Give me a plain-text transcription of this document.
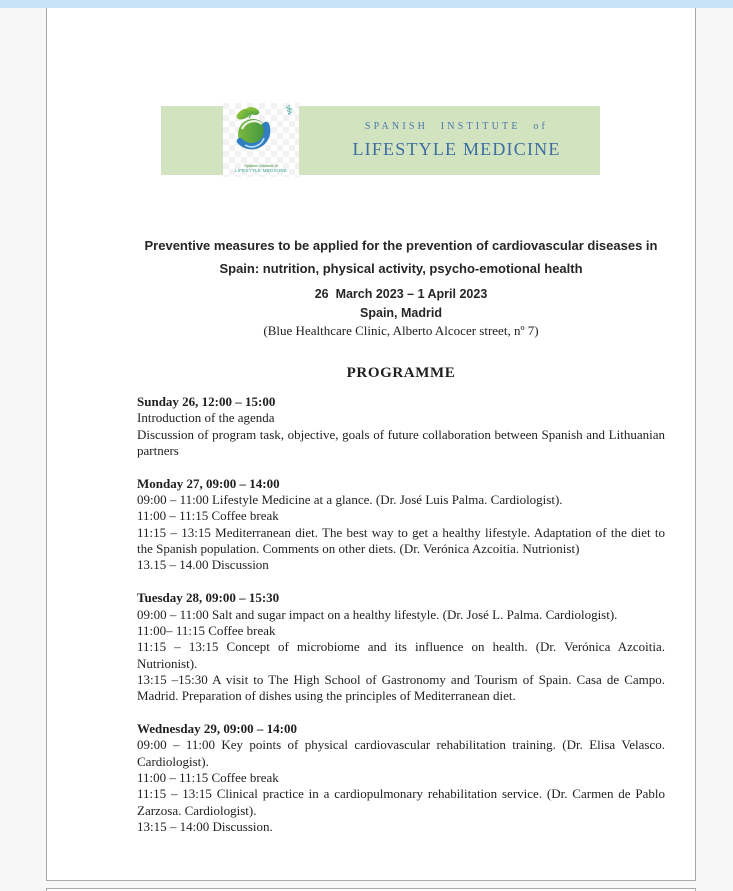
⚕
Spanish Institute of
LIFESTYLE MEDICINE
SPANISH INSTITUTE of
LIFESTYLE MEDICINE
Preventive measures to be applied for the prevention of cardiovascular diseases in
Spain: nutrition, physical activity, psycho-emotional health
26  March 2023 – 1 April 2023
Spain, Madrid
(Blue Healthcare Clinic, Alberto Alcocer street, nº 7)
PROGRAMME

Sunday 26, 12:00 – 15:00

Introduction of the agenda

Discussion of program task, objective, goals of future collaboration between Spanish and Lithuanian partners

Monday 27, 09:00 – 14:00

09:00 – 11:00 Lifestyle Medicine at a glance. (Dr. José Luis Palma. Cardiologist).

11:00 – 11:15 Coffee break

11:15 – 13:15 Mediterranean diet. The best way to get a healthy lifestyle. Adaptation of the diet to the Spanish population. Comments on other diets. (Dr. Verónica Azcoitia. Nutrionist)

13.15 – 14.00 Discussion

Tuesday 28, 09:00 – 15:30

09:00 – 11:00 Salt and sugar impact on a healthy lifestyle. (Dr. José L. Palma. Cardiologist).

11:00– 11:15 Coffee break

11:15 – 13:15 Concept of microbiome and its influence on health. (Dr. Verónica Azcoitia. Nutrionist).

13:15 –15:30 A visit to The High School of Gastronomy and Tourism of Spain. Casa de Campo. Madrid. Preparation of dishes using the principles of Mediterranean diet.

Wednesday 29, 09:00 – 14:00

09:00 – 11:00 Key points of physical cardiovascular rehabilitation training. (Dr. Elisa Velasco. Cardiologist).

11:00 – 11:15 Coffee break

11:15 – 13:15 Clinical practice in a cardiopulmonary rehabilitation service. (Dr. Carmen de Pablo Zarzosa. Cardiologist).

13:15 – 14:00 Discussion.
